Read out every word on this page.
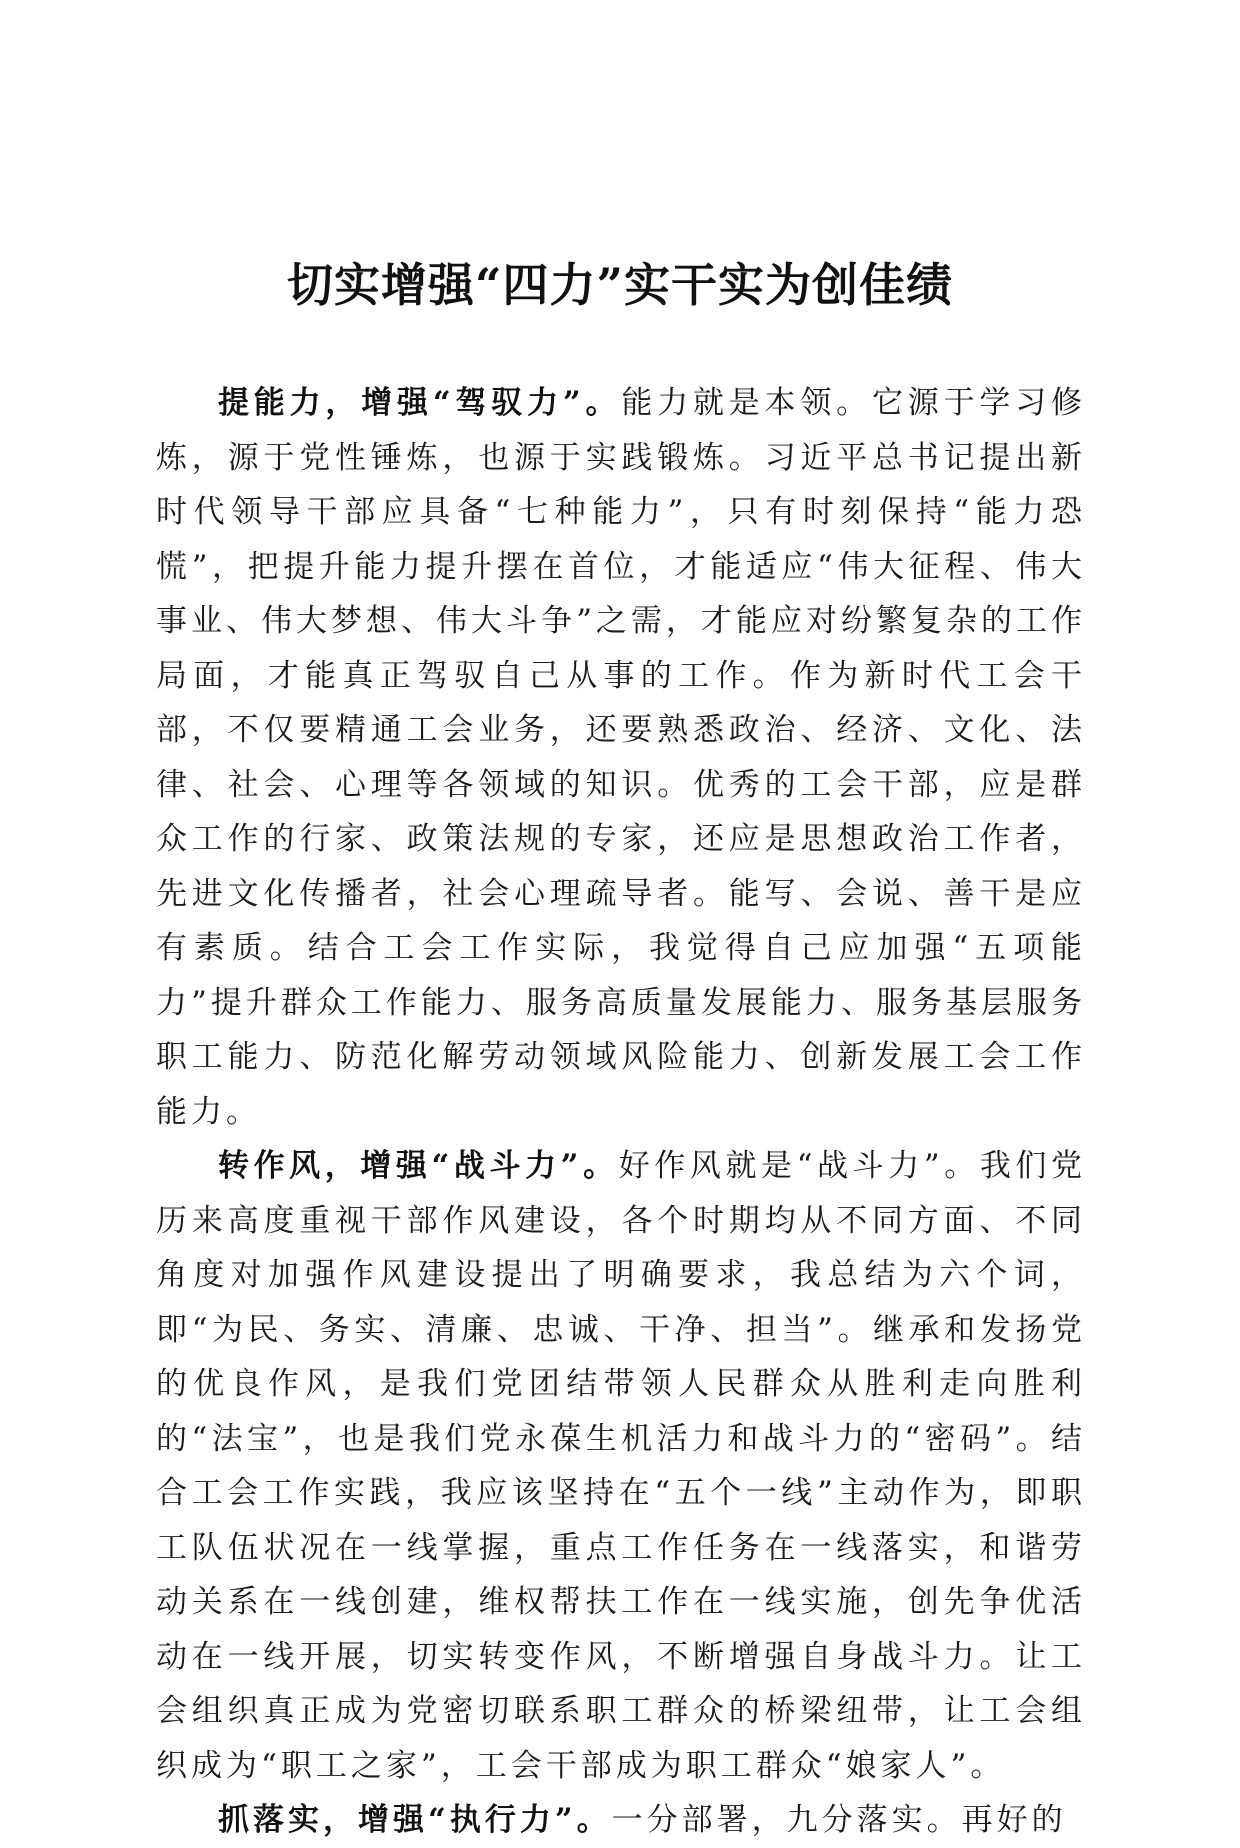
切实增强“四力”实干实为创佳绩

提能力，增强“驾驭力”。能力就是本领。它源于学习修炼，源于党性锤炼，也源于实践锻炼。习近平总书记提出新时代领导干部应具备“七种能力”，只有时刻保持“能力恐慌”，把提升能力提升摆在首位，才能适应“伟大征程、伟大事业、伟大梦想、伟大斗争”之需，才能应对纷繁复杂的工作局面，才能真正驾驭自己从事的工作。作为新时代工会干部，不仅要精通工会业务，还要熟悉政治、经济、文化、法律、社会、心理等各领域的知识。优秀的工会干部，应是群众工作的行家、政策法规的专家，还应是思想政治工作者，先进文化传播者，社会心理疏导者。能写、会说、善干是应有素质。结合工会工作实际，我觉得自己应加强“五项能力”提升群众工作能力、服务高质量发展能力、服务基层服务职工能力、防范化解劳动领域风险能力、创新发展工会工作能力。

转作风，增强“战斗力”。好作风就是“战斗力”。我们党历来高度重视干部作风建设，各个时期均从不同方面、不同角度对加强作风建设提出了明确要求，我总结为六个词，即“为民、务实、清廉、忠诚、干净、担当”。继承和发扬党的优良作风，是我们党团结带领人民群众从胜利走向胜利的“法宝”，也是我们党永葆生机活力和战斗力的“密码”。结合工会工作实践，我应该坚持在“五个一线”主动作为，即职工队伍状况在一线掌握，重点工作任务在一线落实，和谐劳动关系在一线创建，维权帮扶工作在一线实施，创先争优活动在一线开展，切实转变作风，不断增强自身战斗力。让工会组织真正成为党密切联系职工群众的桥梁纽带，让工会组织成为“职工之家”，工会干部成为职工群众“娘家人”。

抓落实，增强“执行力”。一分部署，九分落实。再好的
